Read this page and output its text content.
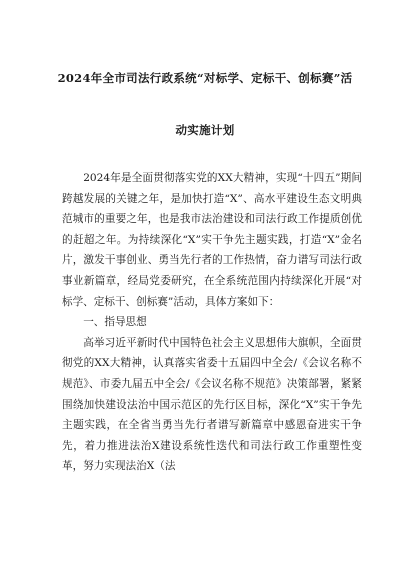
2024年全市司法行政系统“对标学、定标干、创标赛”活
动实施计划

2024年是全面贯彻落实党的XX大精神，实现“十四五”期间跨越发展的关键之年，是加快打造“X”、高水平建设生态文明典范城市的重要之年，也是我市法治建设和司法行政工作提质创优的赶超之年。为持续深化“X”实干争先主题实践，打造“X”金名片，激发干事创业、勇当先行者的工作热情，奋力谱写司法行政事业新篇章，经局党委研究，在全系统范围内持续深化开展“对标学、定标干、创标赛”活动，具体方案如下：

一、指导思想

高举习近平新时代中国特色社会主义思想伟大旗帜，全面贯彻党的XX大精神，认真落实省委十五届四中全会/《会议名称不规范》、市委九届五中全会/《会议名称不规范》决策部署，紧紧围绕加快建设法治中国示范区的先行区目标，深化“X”实干争先主题实践，在全省当勇当先行者谱写新篇章中感恩奋进实干争先，着力推进法治X建设系统性迭代和司法行政工作重塑性变革，努力实现法治X（法
